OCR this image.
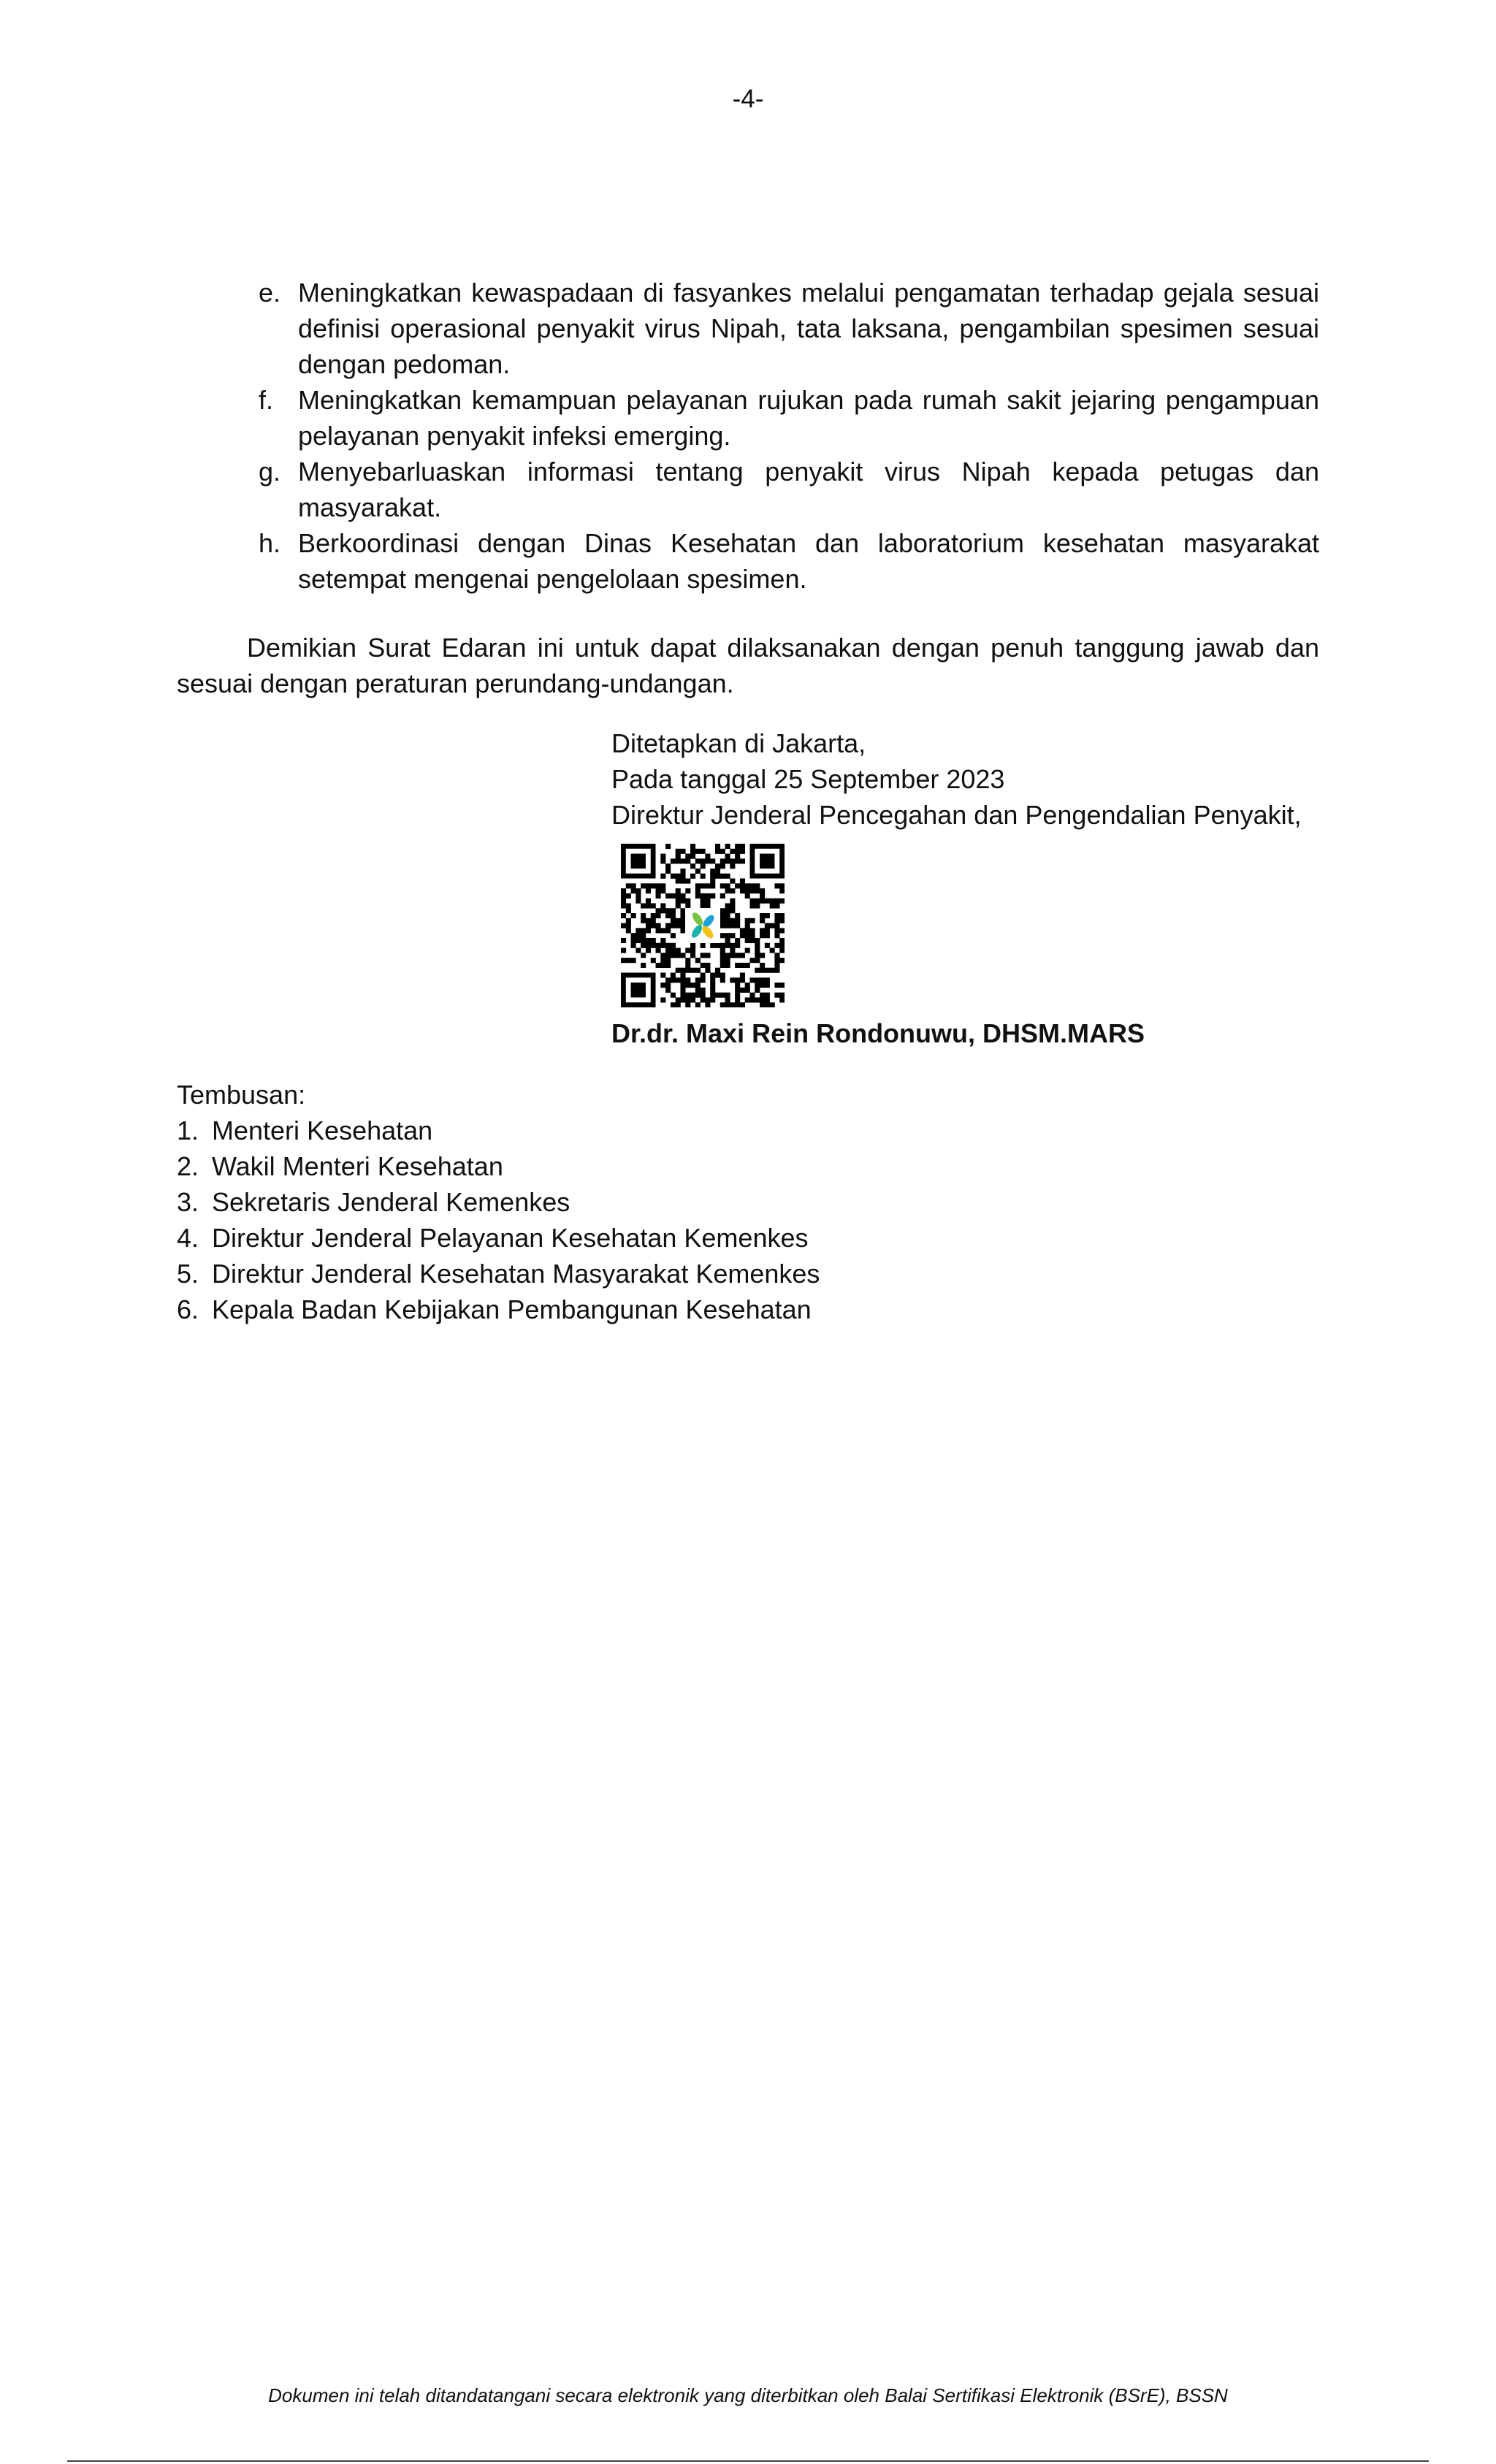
-4-
e. Meningkatkan kewaspadaan di fasyankes melalui pengamatan terhadap gejala sesuai definisi operasional penyakit virus Nipah, tata laksana, pengambilan spesimen sesuai dengan pedoman.
f. Meningkatkan kemampuan pelayanan rujukan pada rumah sakit jejaring pengampuan pelayanan penyakit infeksi emerging.
g. Menyebarluaskan informasi tentang penyakit virus Nipah kepada petugas dan masyarakat.
h. Berkoordinasi dengan Dinas Kesehatan dan laboratorium kesehatan masyarakat setempat mengenai pengelolaan spesimen.
Demikian Surat Edaran ini untuk dapat dilaksanakan dengan penuh tanggung jawab dan sesuai dengan peraturan perundang-undangan.
Ditetapkan di Jakarta,
Pada tanggal 25 September 2023
Direktur Jenderal Pencegahan dan Pengendalian Penyakit,
Dr.dr. Maxi Rein Rondonuwu, DHSM.MARS
Tembusan:
1. Menteri Kesehatan
2. Wakil Menteri Kesehatan
3. Sekretaris Jenderal Kemenkes
4. Direktur Jenderal Pelayanan Kesehatan Kemenkes
5. Direktur Jenderal Kesehatan Masyarakat Kemenkes
6. Kepala Badan Kebijakan Pembangunan Kesehatan
Dokumen ini telah ditandatangani secara elektronik yang diterbitkan oleh Balai Sertifikasi Elektronik (BSrE), BSSN
